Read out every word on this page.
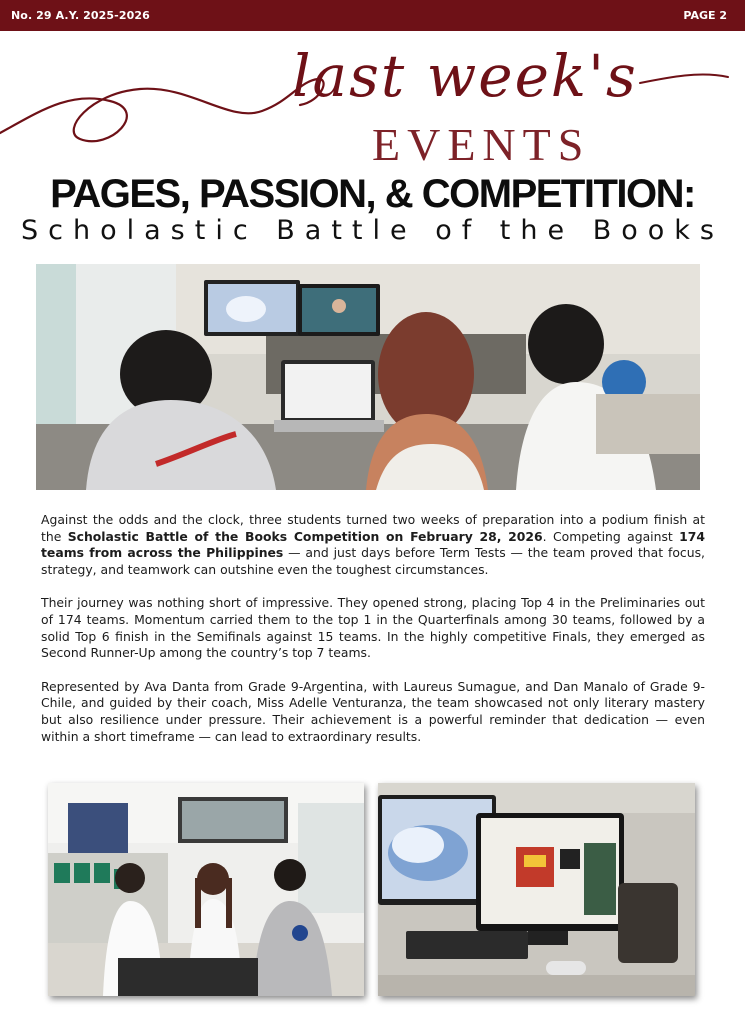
No. 29 A.Y. 2025-2026	PAGE 2
last week's
EVENTS
PAGES, PASSION, & COMPETITION:
Scholastic Battle of the Books

Against the odds and the clock, three students turned two weeks of preparation into a podium finish at the Scholastic Battle of the Books Competition on February 28, 2026. Competing against 174 teams from across the Philippines — and just days before Term Tests — the team proved that focus, strategy, and teamwork can outshine even the toughest circumstances.

Their journey was nothing short of impressive. They opened strong, placing Top 4 in the Preliminaries out of 174 teams. Momentum carried them to the top 1 in the Quarterfinals among 30 teams, followed by a solid Top 6 finish in the Semifinals against 15 teams. In the highly competitive Finals, they emerged as Second Runner-Up among the country’s top 7 teams.

Represented by Ava Danta from Grade 9-Argentina, with Laureus Sumague, and Dan Manalo of Grade 9-Chile, and guided by their coach, Miss Adelle Venturanza, the team showcased not only literary mastery but also resilience under pressure. Their achievement is a powerful reminder that dedication — even within a short timeframe — can lead to extraordinary results.
